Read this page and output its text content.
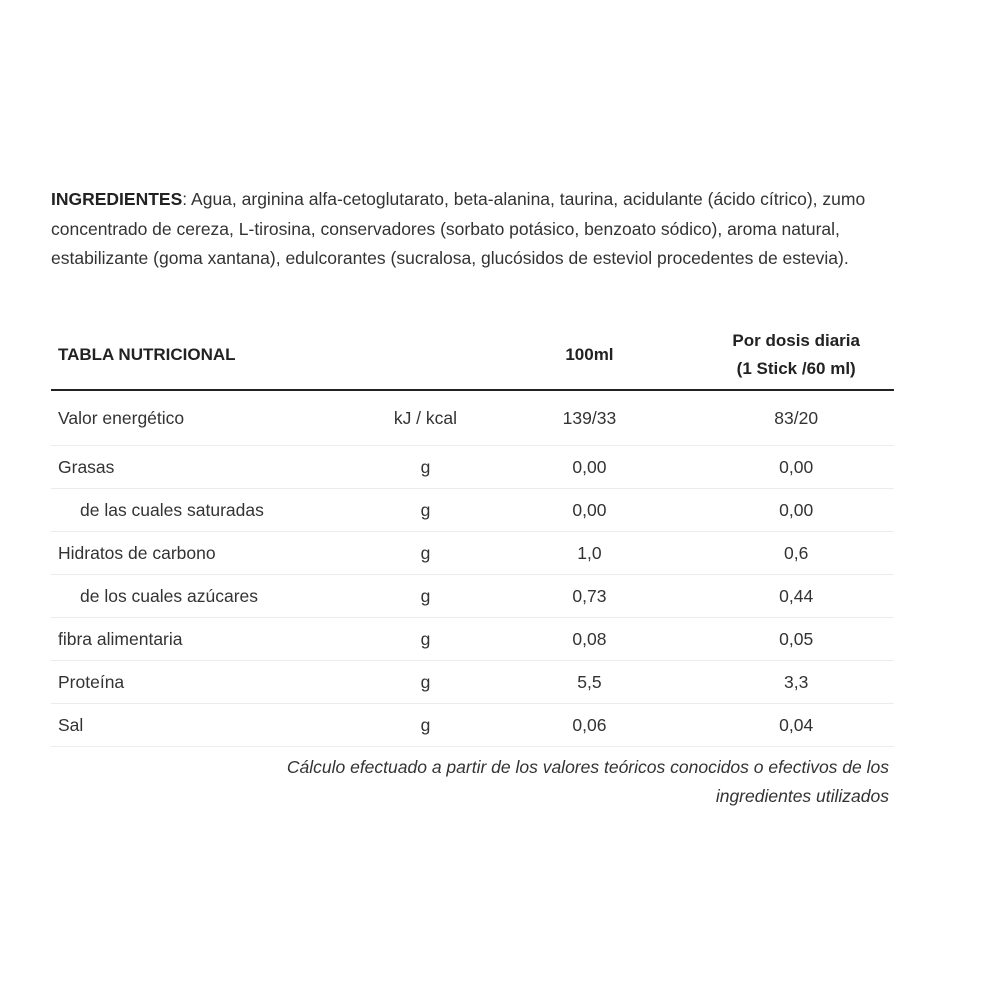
INGREDIENTES: Agua, arginina alfa-cetoglutarato, beta-alanina, taurina, acidulante (ácido cítrico), zumo concentrado de cereza, L-tirosina, conservadores (sorbato potásico, benzoato sódico), aroma natural, estabilizante (goma xantana), edulcorantes (sucralosa, glucósidos de esteviol procedentes de estevia).

TABLA NUTRICIONAL		100ml	Por dosis diaria
(1 Stick /60 ml)

Valor energético	kJ / kcal	139/33	83/20
Grasas	g	0,00	0,00
de las cuales saturadas	g	0,00	0,00
Hidratos de carbono	g	1,0	0,6
de los cuales azúcares	g	0,73	0,44
fibra alimentaria	g	0,08	0,05
Proteína	g	5,5	3,3
Sal	g	0,06	0,04

Cálculo efectuado a partir de los valores teóricos conocidos o efectivos de los
ingredientes utilizados
